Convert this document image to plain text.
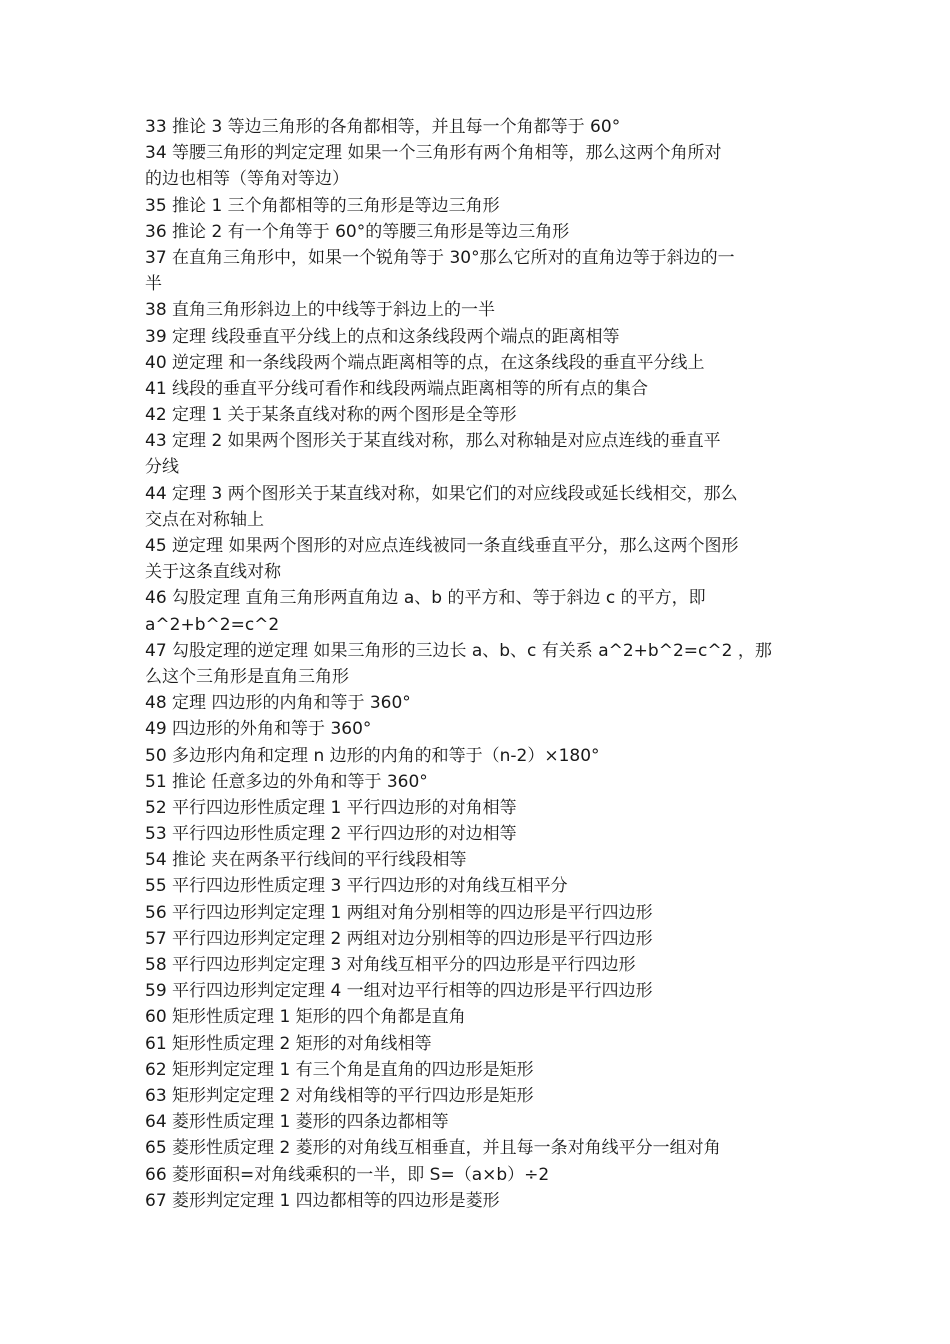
33 推论 3 等边三角形的各角都相等，并且每一个角都等于 60°
34 等腰三角形的判定定理 如果一个三角形有两个角相等，那么这两个角所对
的边也相等（等角对等边）
35 推论 1 三个角都相等的三角形是等边三角形
36 推论 2 有一个角等于 60°的等腰三角形是等边三角形
37 在直角三角形中，如果一个锐角等于 30°那么它所对的直角边等于斜边的一
半
38 直角三角形斜边上的中线等于斜边上的一半
39 定理 线段垂直平分线上的点和这条线段两个端点的距离相等
40 逆定理 和一条线段两个端点距离相等的点，在这条线段的垂直平分线上
41 线段的垂直平分线可看作和线段两端点距离相等的所有点的集合
42 定理 1 关于某条直线对称的两个图形是全等形
43 定理 2 如果两个图形关于某直线对称，那么对称轴是对应点连线的垂直平
分线
44 定理 3 两个图形关于某直线对称，如果它们的对应线段或延长线相交，那么
交点在对称轴上
45 逆定理 如果两个图形的对应点连线被同一条直线垂直平分，那么这两个图形
关于这条直线对称
46 勾股定理 直角三角形两直角边 a、b 的平方和、等于斜边 c 的平方，即
a^2+b^2=c^2
47 勾股定理的逆定理 如果三角形的三边长 a、b、c 有关系 a^2+b^2=c^2 ，那
么这个三角形是直角三角形
48 定理 四边形的内角和等于 360°
49 四边形的外角和等于 360°
50 多边形内角和定理 n 边形的内角的和等于（n-2）×180°
51 推论 任意多边的外角和等于 360°
52 平行四边形性质定理 1 平行四边形的对角相等
53 平行四边形性质定理 2 平行四边形的对边相等
54 推论 夹在两条平行线间的平行线段相等
55 平行四边形性质定理 3 平行四边形的对角线互相平分
56 平行四边形判定定理 1 两组对角分别相等的四边形是平行四边形
57 平行四边形判定定理 2 两组对边分别相等的四边形是平行四边形
58 平行四边形判定定理 3 对角线互相平分的四边形是平行四边形
59 平行四边形判定定理 4 一组对边平行相等的四边形是平行四边形
60 矩形性质定理 1 矩形的四个角都是直角
61 矩形性质定理 2 矩形的对角线相等
62 矩形判定定理 1 有三个角是直角的四边形是矩形
63 矩形判定定理 2 对角线相等的平行四边形是矩形
64 菱形性质定理 1 菱形的四条边都相等
65 菱形性质定理 2 菱形的对角线互相垂直，并且每一条对角线平分一组对角
66 菱形面积=对角线乘积的一半，即 S=（a×b）÷2
67 菱形判定定理 1 四边都相等的四边形是菱形
